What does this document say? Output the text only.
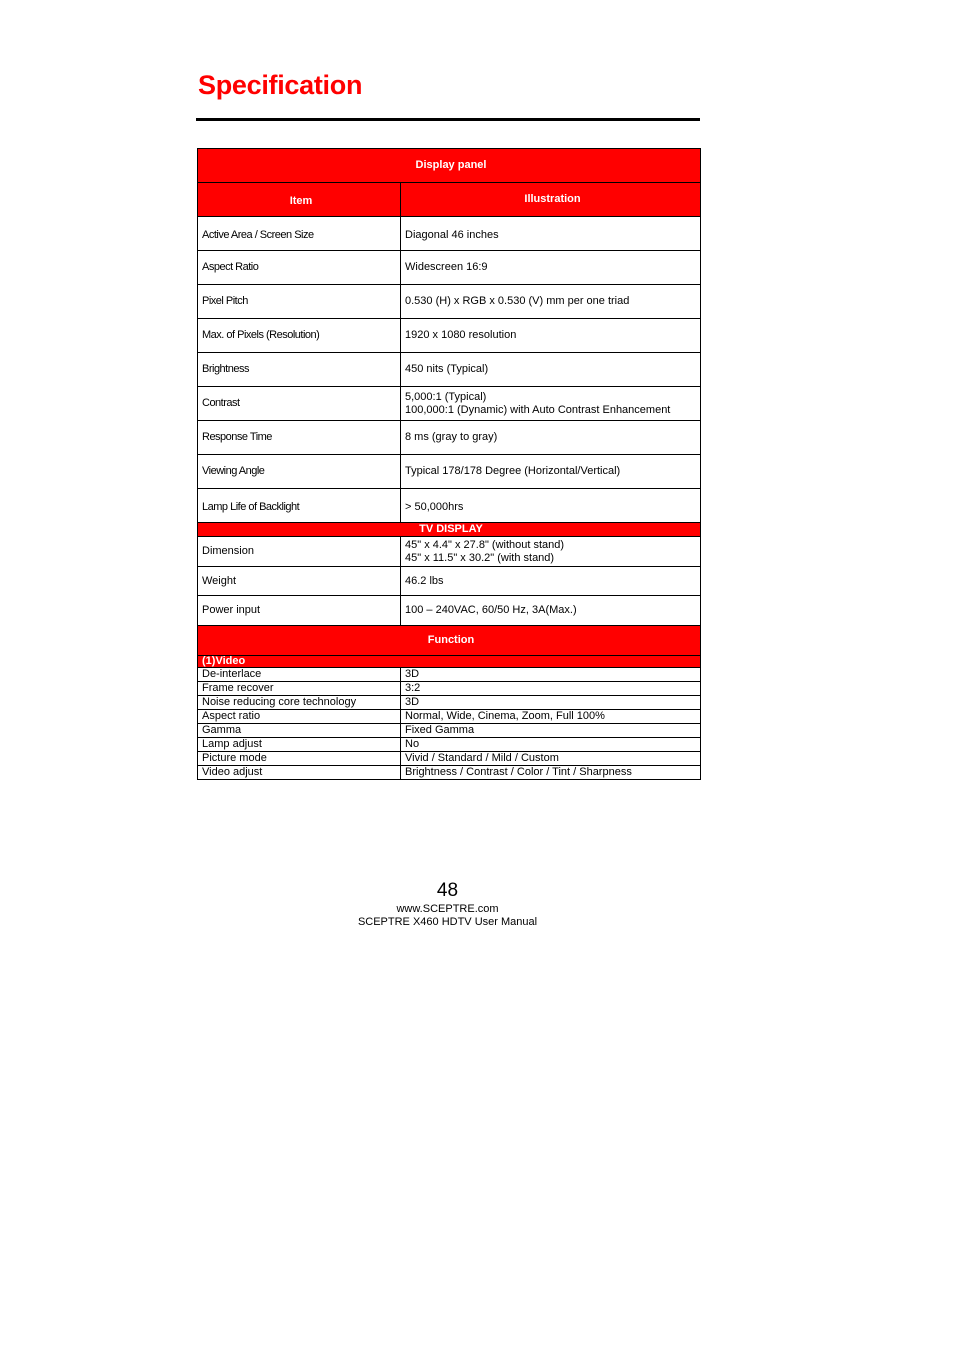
Specification
Display panel	
Item	Illustration
Active Area / Screen Size	Diagonal 46 inches
Aspect Ratio	Widescreen 16:9
Pixel Pitch	0.530 (H) x RGB x 0.530 (V) mm per one triad
Max. of Pixels (Resolution)	1920 x 1080 resolution
Brightness	450 nits (Typical)
Contrast	5,000:1 (Typical)
100,000:1 (Dynamic) with Auto Contrast Enhancement

Response Time	8 ms (gray to gray)
Viewing Angle	Typical 178/178 Degree (Horizontal/Vertical)
Lamp Life of Backlight	> 50,000hrs
TV DISPLAY	
Dimension	45" x 4.4" x 27.8" (without stand)
45" x 11.5" x 30.2" (with stand)

Weight	46.2 lbs
Power input	100 – 240VAC, 60/50 Hz, 3A(Max.)
Function	
(1)Video	
De-interlace	3D
Frame recover	3:2
Noise reducing core technology	3D
Aspect ratio	Normal, Wide, Cinema, Zoom, Full 100%
Gamma	Fixed Gamma
Lamp adjust	No
Picture mode	Vivid / Standard / Mild / Custom
Video adjust	Brightness / Contrast / Color / Tint / Sharpness
48
www.SCEPTRE.com
SCEPTRE X460 HDTV User Manual
